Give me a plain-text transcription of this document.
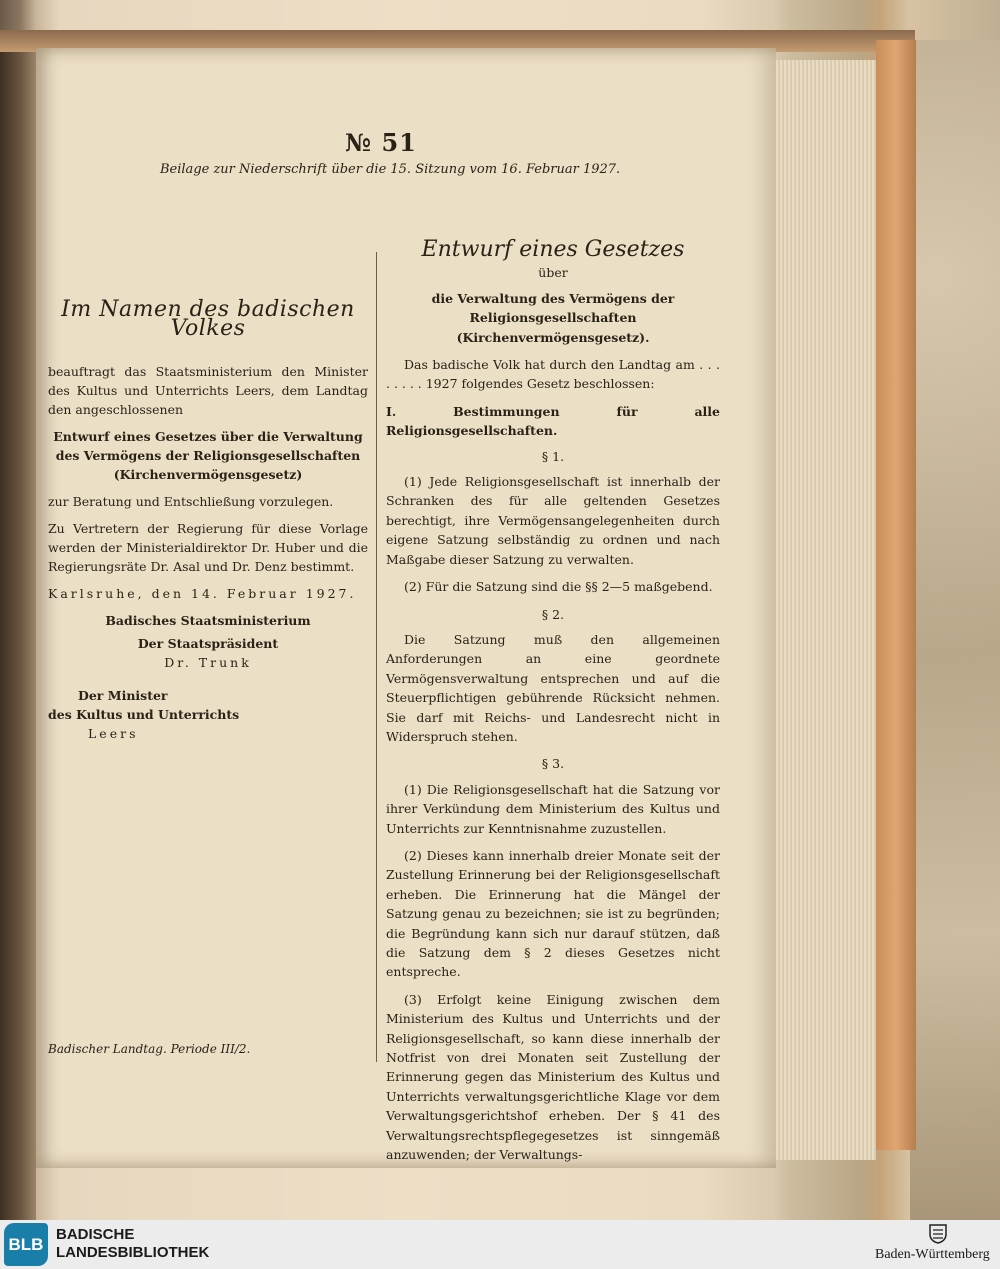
№ 51
Beilage zur Niederschrift über die 15. Sitzung vom 16. Februar 1927.
Im Namen des badischen Volkes

beauftragt das Staatsministerium den Minister des Kultus und Unterrichts Leers, dem Landtag den angeschlossenen

Entwurf eines Gesetzes über die Verwaltung des Vermögens der Religionsgesellschaften (Kirchenvermögensgesetz)

zur Beratung und Entschließung vorzulegen.

Zu Vertretern der Regierung für diese Vorlage werden der Ministerialdirektor Dr. Huber und die Regierungsräte Dr. Asal und Dr. Denz bestimmt.

Karlsruhe, den 14. Februar 1927.

Badisches Staatsministerium

Der Staatspräsident

Dr. Trunk

Der Minister

des Kultus und Unterrichts

Leers

Badischer Landtag. Periode III/2.

Entwurf eines Gesetzes

über

die Verwaltung des Vermögens der Religionsgesellschaften (Kirchenvermögensgesetz).

Das badische Volk hat durch den Landtag am . . . . . . . . 1927 folgendes Gesetz beschlossen:

I. Bestimmungen für alle Religionsgesellschaften.

§ 1.

(1) Jede Religionsgesellschaft ist innerhalb der Schranken des für alle geltenden Gesetzes berechtigt, ihre Vermögensangelegenheiten durch eigene Satzung selbständig zu ordnen und nach Maßgabe dieser Satzung zu verwalten.

(2) Für die Satzung sind die §§ 2—5 maßgebend.

§ 2.

Die Satzung muß den allgemeinen Anforderungen an eine geordnete Vermögensverwaltung entsprechen und auf die Steuerpflichtigen gebührende Rücksicht nehmen. Sie darf mit Reichs- und Landesrecht nicht in Widerspruch stehen.

§ 3.

(1) Die Religionsgesellschaft hat die Satzung vor ihrer Verkündung dem Ministerium des Kultus und Unterrichts zur Kenntnisnahme zuzustellen.

(2) Dieses kann innerhalb dreier Monate seit der Zustellung Erinnerung bei der Religionsgesellschaft erheben. Die Erinnerung hat die Mängel der Satzung genau zu bezeichnen; sie ist zu begründen; die Begründung kann sich nur darauf stützen, daß die Satzung dem § 2 dieses Gesetzes nicht entspreche.

(3) Erfolgt keine Einigung zwischen dem Ministerium des Kultus und Unterrichts und der Religionsgesellschaft, so kann diese innerhalb der Notfrist von drei Monaten seit Zustellung der Erinnerung gegen das Ministerium des Kultus und Unterrichts verwaltungsgerichtliche Klage vor dem Verwaltungsgerichtshof erheben. Der § 41 des Verwaltungsrechtspflegegesetzes ist sinngemäß anzuwenden; der Verwaltungs-

BLB BADISCHE
LANDESBIBLIOTHEK	Baden-Württemberg
